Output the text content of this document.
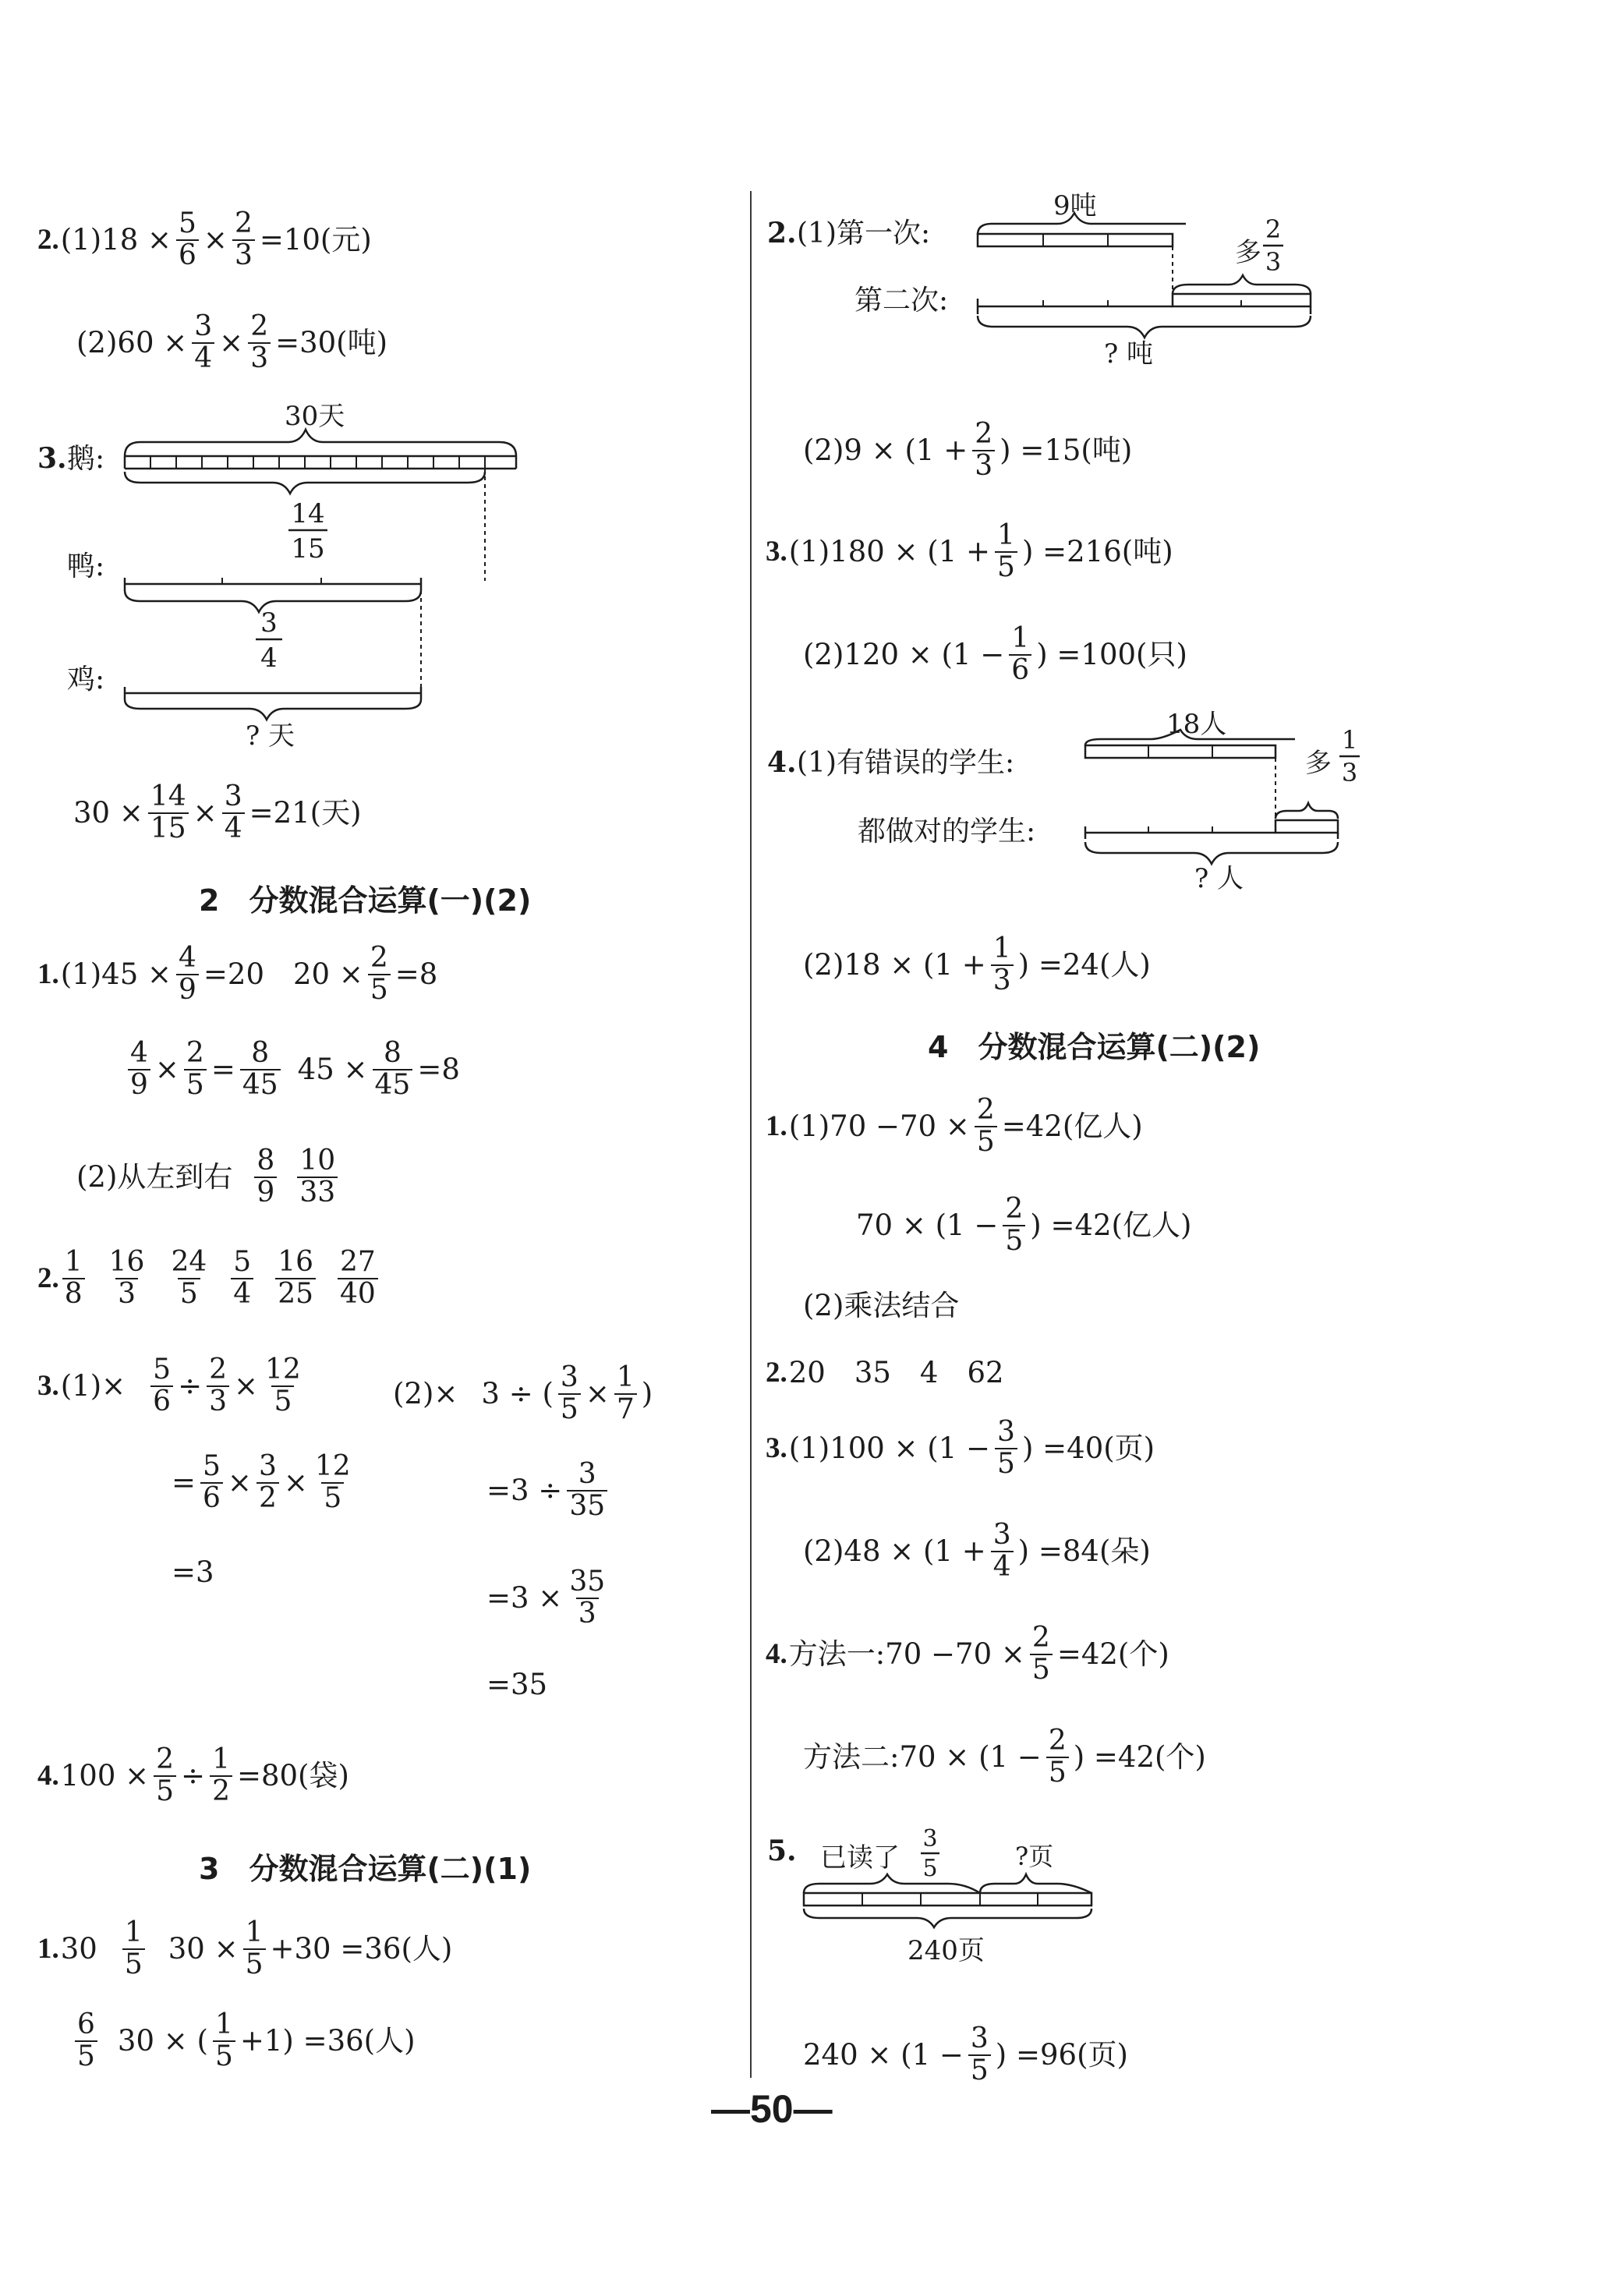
2. $(1)18 \times \frac{5}{6} \times \frac{2}{3} =10$(元)
$(2)60 \times \frac{3}{4} \times \frac{2}{3} =30$(吨)
3. 鹅:
30天
14
15
鸭:
3
4
鸡:
? 天
$30 \times \frac{14}{15} \times \frac{3}{4} =21$(天)
2　分数混合运算(一)(2)
1. $(1)45 \times \frac{4}{9} =20$　$20 \times \frac{2}{5} =8$
$\frac{4}{9} \times \frac{2}{5} = \frac{8}{45} 45 \times \frac{8}{45} =8$
(2)从左到右 $\frac{8}{9} \frac{10}{33}$
2. $\frac{1}{8} \frac{16}{3} \frac{24}{5} \frac{5}{4} \frac{16}{25} \frac{27}{40}$
3. $(1)\times \frac{5}{6} \div \frac{2}{3} \times \frac{12}{5}$	(2)× 3 ÷ ( $\frac{3}{5} \times \frac{1}{7}$ )
= $\frac{5}{6} \times \frac{3}{2} \times \frac{12}{5}$	$=3 \div \frac{3}{35}$
=3
$=3 \times \frac{35}{3}$
=35
4. $100 \times \frac{2}{5} \div \frac{1}{2} =80$(袋)
3　分数混合运算(二)(1)
1. $30 \frac{1}{5} 30 \times \frac{1}{5} +30 =36$(人)
$\frac{6}{5} 30$ × ( $\frac{1}{5} +1) =36$(人)
2. (1)第一次:
第二次:
9吨
多
2
3
? 吨
$(2)9 \times (1 + \frac{2}{3}$ ) =15(吨)
3. $(1)180 \times (1 + \frac{1}{5}$ ) =216(吨)
$(2)120 \times (1 - \frac{1}{6}$ ) =100(只)
4. (1)有错误的学生:
都做对的学生:
18人
多
1
3
? 人
$(2)18 \times (1 + \frac{1}{3}$ ) =24(人)
4　分数混合运算(二)(2)
1. $(1)70 -70 \times \frac{2}{5} =42$(亿人)
$70 \times (1 - \frac{2}{5}$ ) =42(亿人)
(2)乘法结合
2. 20　35　4　62
3. $(1)100 \times (1 - \frac{3}{5}$ ) =40(页)
$(2)48 \times (1 + \frac{3}{4}$ ) =84(朵)
4. 方法一:70 $-70 \times \frac{2}{5} =42$(个)
方法二:70 × ($1 - \frac{2}{5}$ ) =42(个)
5. 已读了
3
5	?页
240页
$240 \times (1 - \frac{3}{5}$ ) =96(页)
—50—
